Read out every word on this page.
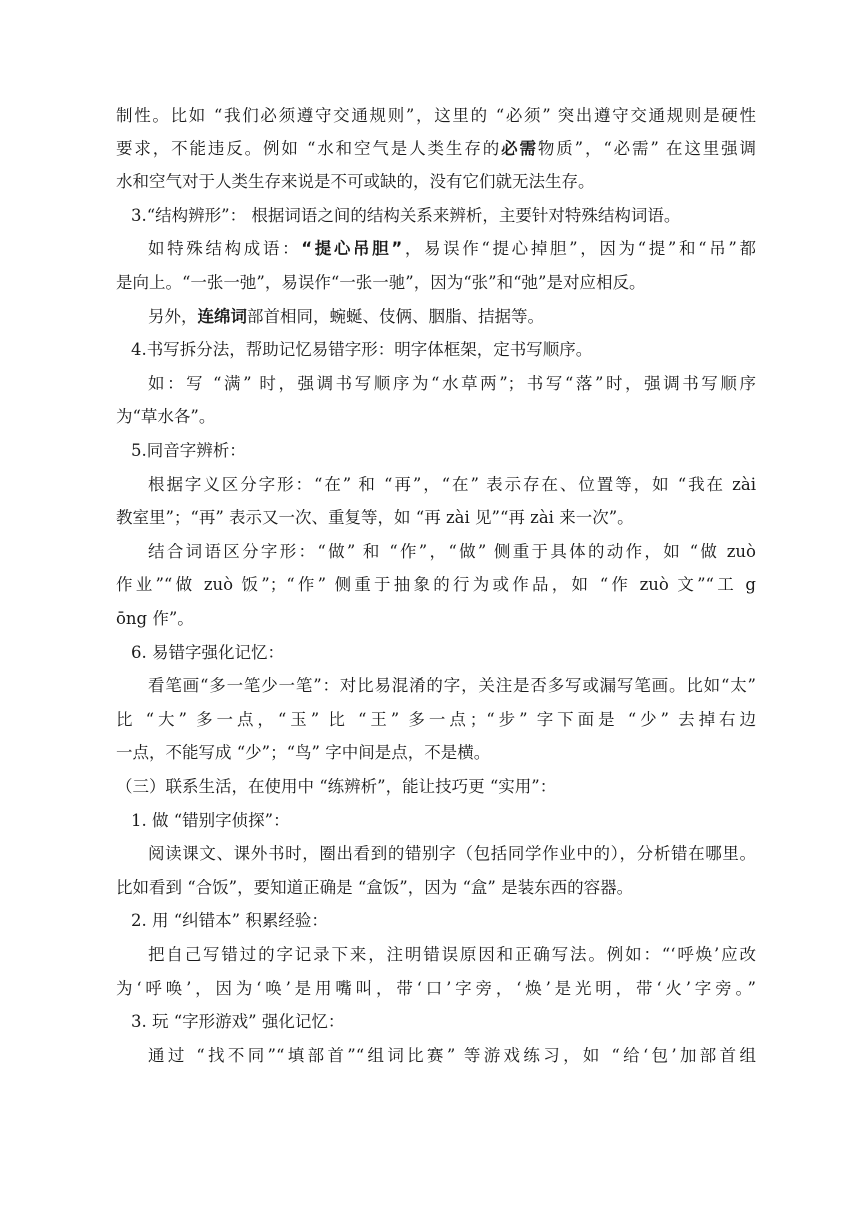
制性。比如 “我们必须遵守交通规则”，这里的 “必须” 突出遵守交通规则是硬性
要求，不能违反。例如 “水和空气是人类生存的必需物质”，“必需” 在这里强调
水和空气对于人类生存来说是不可或缺的，没有它们就无法生存。
3.“结构辨形”： 根据词语之间的结构关系来辨析，主要针对特殊结构词语。
如特殊结构成语：“提心吊胆”，易误作“提心掉胆”，因为“提”和“吊”都
是向上。“一张一弛”，易误作“一张一驰”，因为“张”和“弛”是对应相反。
另外，连绵词部首相同，蜿蜒、伎俩、胭脂、拮据等。
4.书写拆分法，帮助记忆易错字形：明字体框架，定书写顺序。
如：写 “满” 时，强调书写顺序为“水草两”；书写“落”时，强调书写顺序
为“草水各”。
5.同音字辨析：
根据字义区分字形：“在” 和 “再”，“在” 表示存在、位置等，如 “我在 zài
教室里”；“再” 表示又一次、重复等，如 “再 zài 见”“再 zài 来一次”。
结合词语区分字形：“做” 和 “作”，“做” 侧重于具体的动作，如 “做 zuò
作业”“做 zuò 饭”；“作” 侧重于抽象的行为或作品，如 “作 zuò 文”“工 g
ōng 作”。
6. 易错字强化记忆：
看笔画“多一笔少一笔”：对比易混淆的字，关注是否多写或漏写笔画。比如“太”
比 “大” 多一点，“玉” 比 “王” 多一点；“步” 字下面是 “少” 去掉右边
一点，不能写成 “少”；“鸟” 字中间是点，不是横。
（三）联系生活，在使用中 “练辨析”，能让技巧更 “实用”：
1. 做 “错别字侦探”：
阅读课文、课外书时，圈出看到的错别字（包括同学作业中的），分析错在哪里。
比如看到 “合饭”，要知道正确是 “盒饭”，因为 “盒” 是装东西的容器。
2. 用 “纠错本” 积累经验：
把自己写错过的字记录下来，注明错误原因和正确写法。例如：“‘呼焕’应改
为‘呼唤’，因为‘唤’是用嘴叫，带‘口’字旁，‘焕’是光明，带‘火’字旁。”
3. 玩 “字形游戏” 强化记忆：
通过 “找不同”“填部首”“组词比赛” 等游戏练习，如 “给‘包’加部首组
